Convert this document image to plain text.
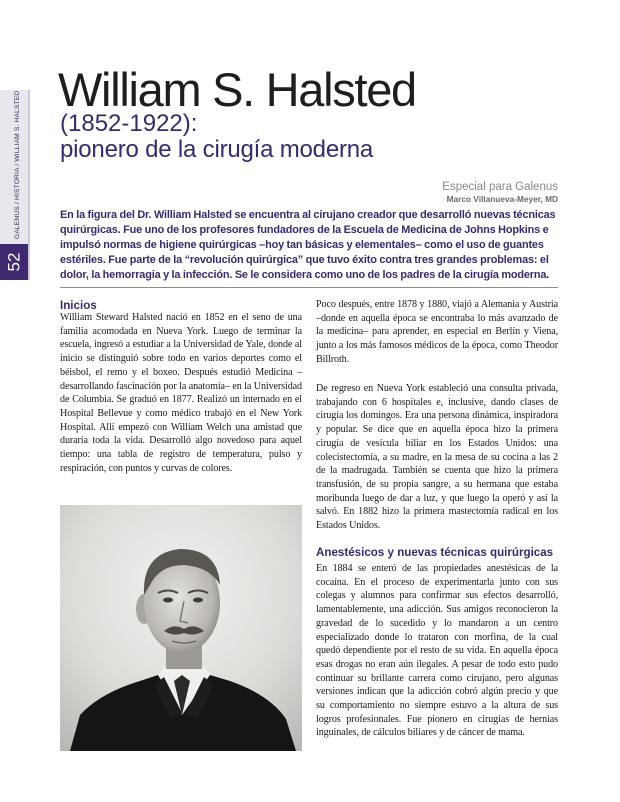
GALENUS / HISTORIA / WILLIAM S. HALSTED
52
William S. Halsted
(1852-1922):
pionero de la cirugía moderna
Especial para Galenus
Marco Villanueva-Meyer, MD

En la figura del Dr. William Halsted se encuentra al cirujano creador que desarrolló nuevas técnicas quirúrgicas. Fue uno de los profesores fundadores de la Escuela de Medicina de Johns Hopkins e impulsó normas de higiene quirúrgicas –hoy tan básicas y elementales– como el uso de guantes estériles. Fue parte de la “revolución quirúrgica” que tuvo éxito contra tres grandes problemas: el dolor, la hemorragia y la infección. Se le considera como uno de los padres de la cirugía moderna.

Inicios

William Steward Halsted nació en 1852 en el seno de una familia acomodada en Nueva York. Luego de terminar la escuela, ingresó a estudiar a la Universidad de Yale, donde al inicio se distinguió sobre todo en varios deportes como el béisbol, el remo y el boxeo. Después estudió Medicina –desarrollando fascinación por la anatomía– en la Universidad de Columbia. Se graduó en 1877. Realizó un internado en el Hospital Bellevue y como médico trabajó en el New York Hospital. Allí empezó con William Welch una amistad que duraría toda la vida. Desarrolló algo novedoso para aquel tiempo: una tabla de registro de temperatura, pulso y respiración, con puntos y curvas de colores.

Poco después, entre 1878 y 1880, viajó a Alemania y Austria –donde en aquella época se encontraba lo más avanzado de la medicina– para aprender, en especial en Berlín y Viena, junto a los más famosos médicos de la época, como Theodor Billroth.

De regreso en Nueva York estableció una consulta privada, trabajando con 6 hospitales e, inclusive, dando clases de cirugía los domingos. Era una persona dinámica, inspiradora y popular. Se dice que en aquella época hizo la primera cirugía de vesícula biliar en los Estados Unidos: una colecistectomía, a su madre, en la mesa de su cocina a las 2 de la madrugada. También se cuenta que hizo la primera transfusión, de su propia sangre, a su hermana que estaba moribunda luego de dar a luz, y que luego la operó y así la salvó. En 1882 hizo la primera mastectomía radical en los Estados Unidos.

Anestésicos y nuevas técnicas quirúrgicas

En 1884 se enteró de las propiedades anestésicas de la cocaína. En el proceso de experimentarla junto con sus colegas y alumnos para confirmar sus efectos desarrolló, lamentablemente, una adicción. Sus amigos reconocieron la gravedad de lo sucedido y lo mandaron a un centro especializado donde lo trataron con morfina, de la cual quedó dependiente por el resto de su vida. En aquella época esas drogas no eran aún ilegales. A pesar de todo esto pudo continuar su brillante carrera como cirujano, pero algunas versiones indican que la adicción cobró algún precio y que su comportamiento no siempre estuvo a la altura de sus logros profesionales. Fue pionero en cirugías de hernias inguinales, de cálculos biliares y de cáncer de mama.
